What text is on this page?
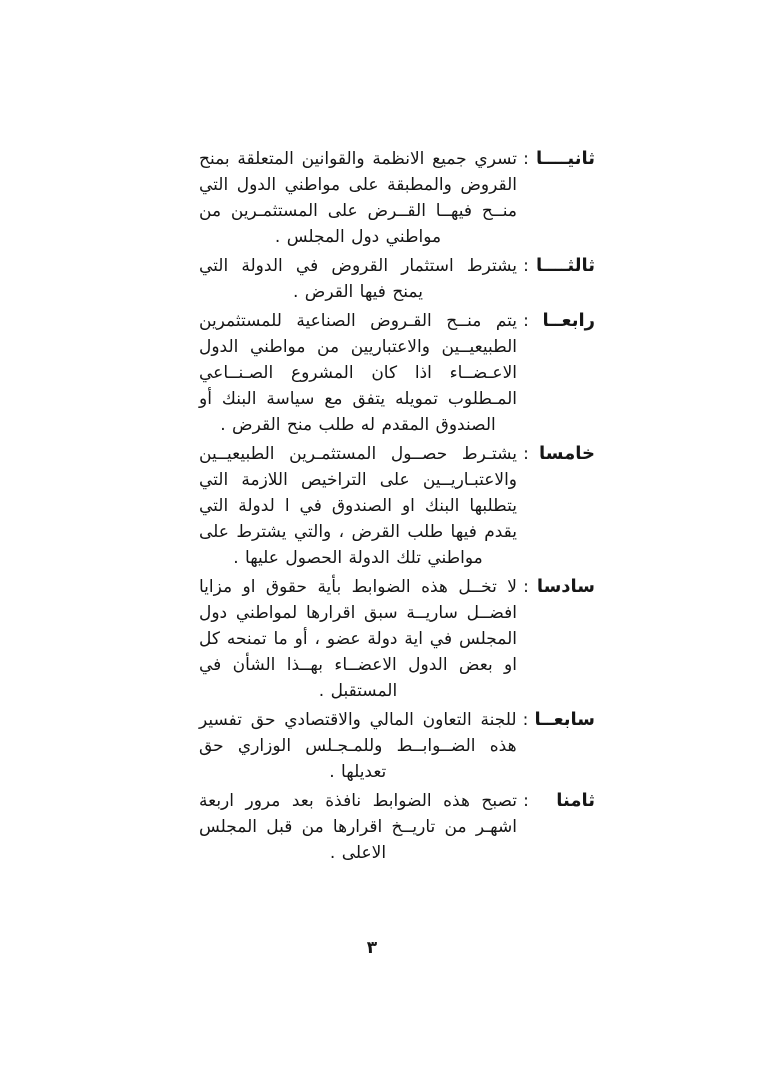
ثانيــــا
:
تسري جميع الانظمة والقوانين المتعلقة بمنح القروض والمطبقة على مواطني الدول التي منــح فيهــا القــرض على المستثمـرين من مواطني دول المجلس .
ثالثــــا
:
يشترط استثمار القروض في الدولة التي يمنح فيها القرض .
رابعــا
:
يتم منــح القـروض الصناعية للمستثمرين الطبيعيــين والاعتباريين من مواطني الدول الاعـضــاء اذا كان المشروع الصـنــاعي المـطلوب تمويله يتفق مع سياسة البنك أو الصندوق المقدم له طلب منح القرض .
خامسا
:
يشتـرط حصــول المستثمـرين الطبيعيــين والاعتبـاريــين على التراخيص اللازمة التي يتطلبها البنك او الصندوق في ا لدولة التي يقدم فيها طلب القرض ، والتي يشترط على مواطني تلك الدولة الحصول عليها .
سادسا
:
لا تخــل هذه الضوابط بأية حقوق او مزايا افضــل ساريــة سبق اقرارها لمواطني دول المجلس في اية دولة عضو ، أو ما تمنحه كل او بعض الدول الاعضــاء بهــذا الشأن في المستقبل .
سابعــا
:
للجنة التعاون المالي والاقتصادي حق تفسير هذه الضــوابــط وللمـجـلس الوزاري حق تعديلها .
ثامنا
:
تصبح هذه الضوابط نافذة بعد مرور اربعة اشهـر من تاريــخ اقرارها من قبل المجلس الاعلى .
٣
